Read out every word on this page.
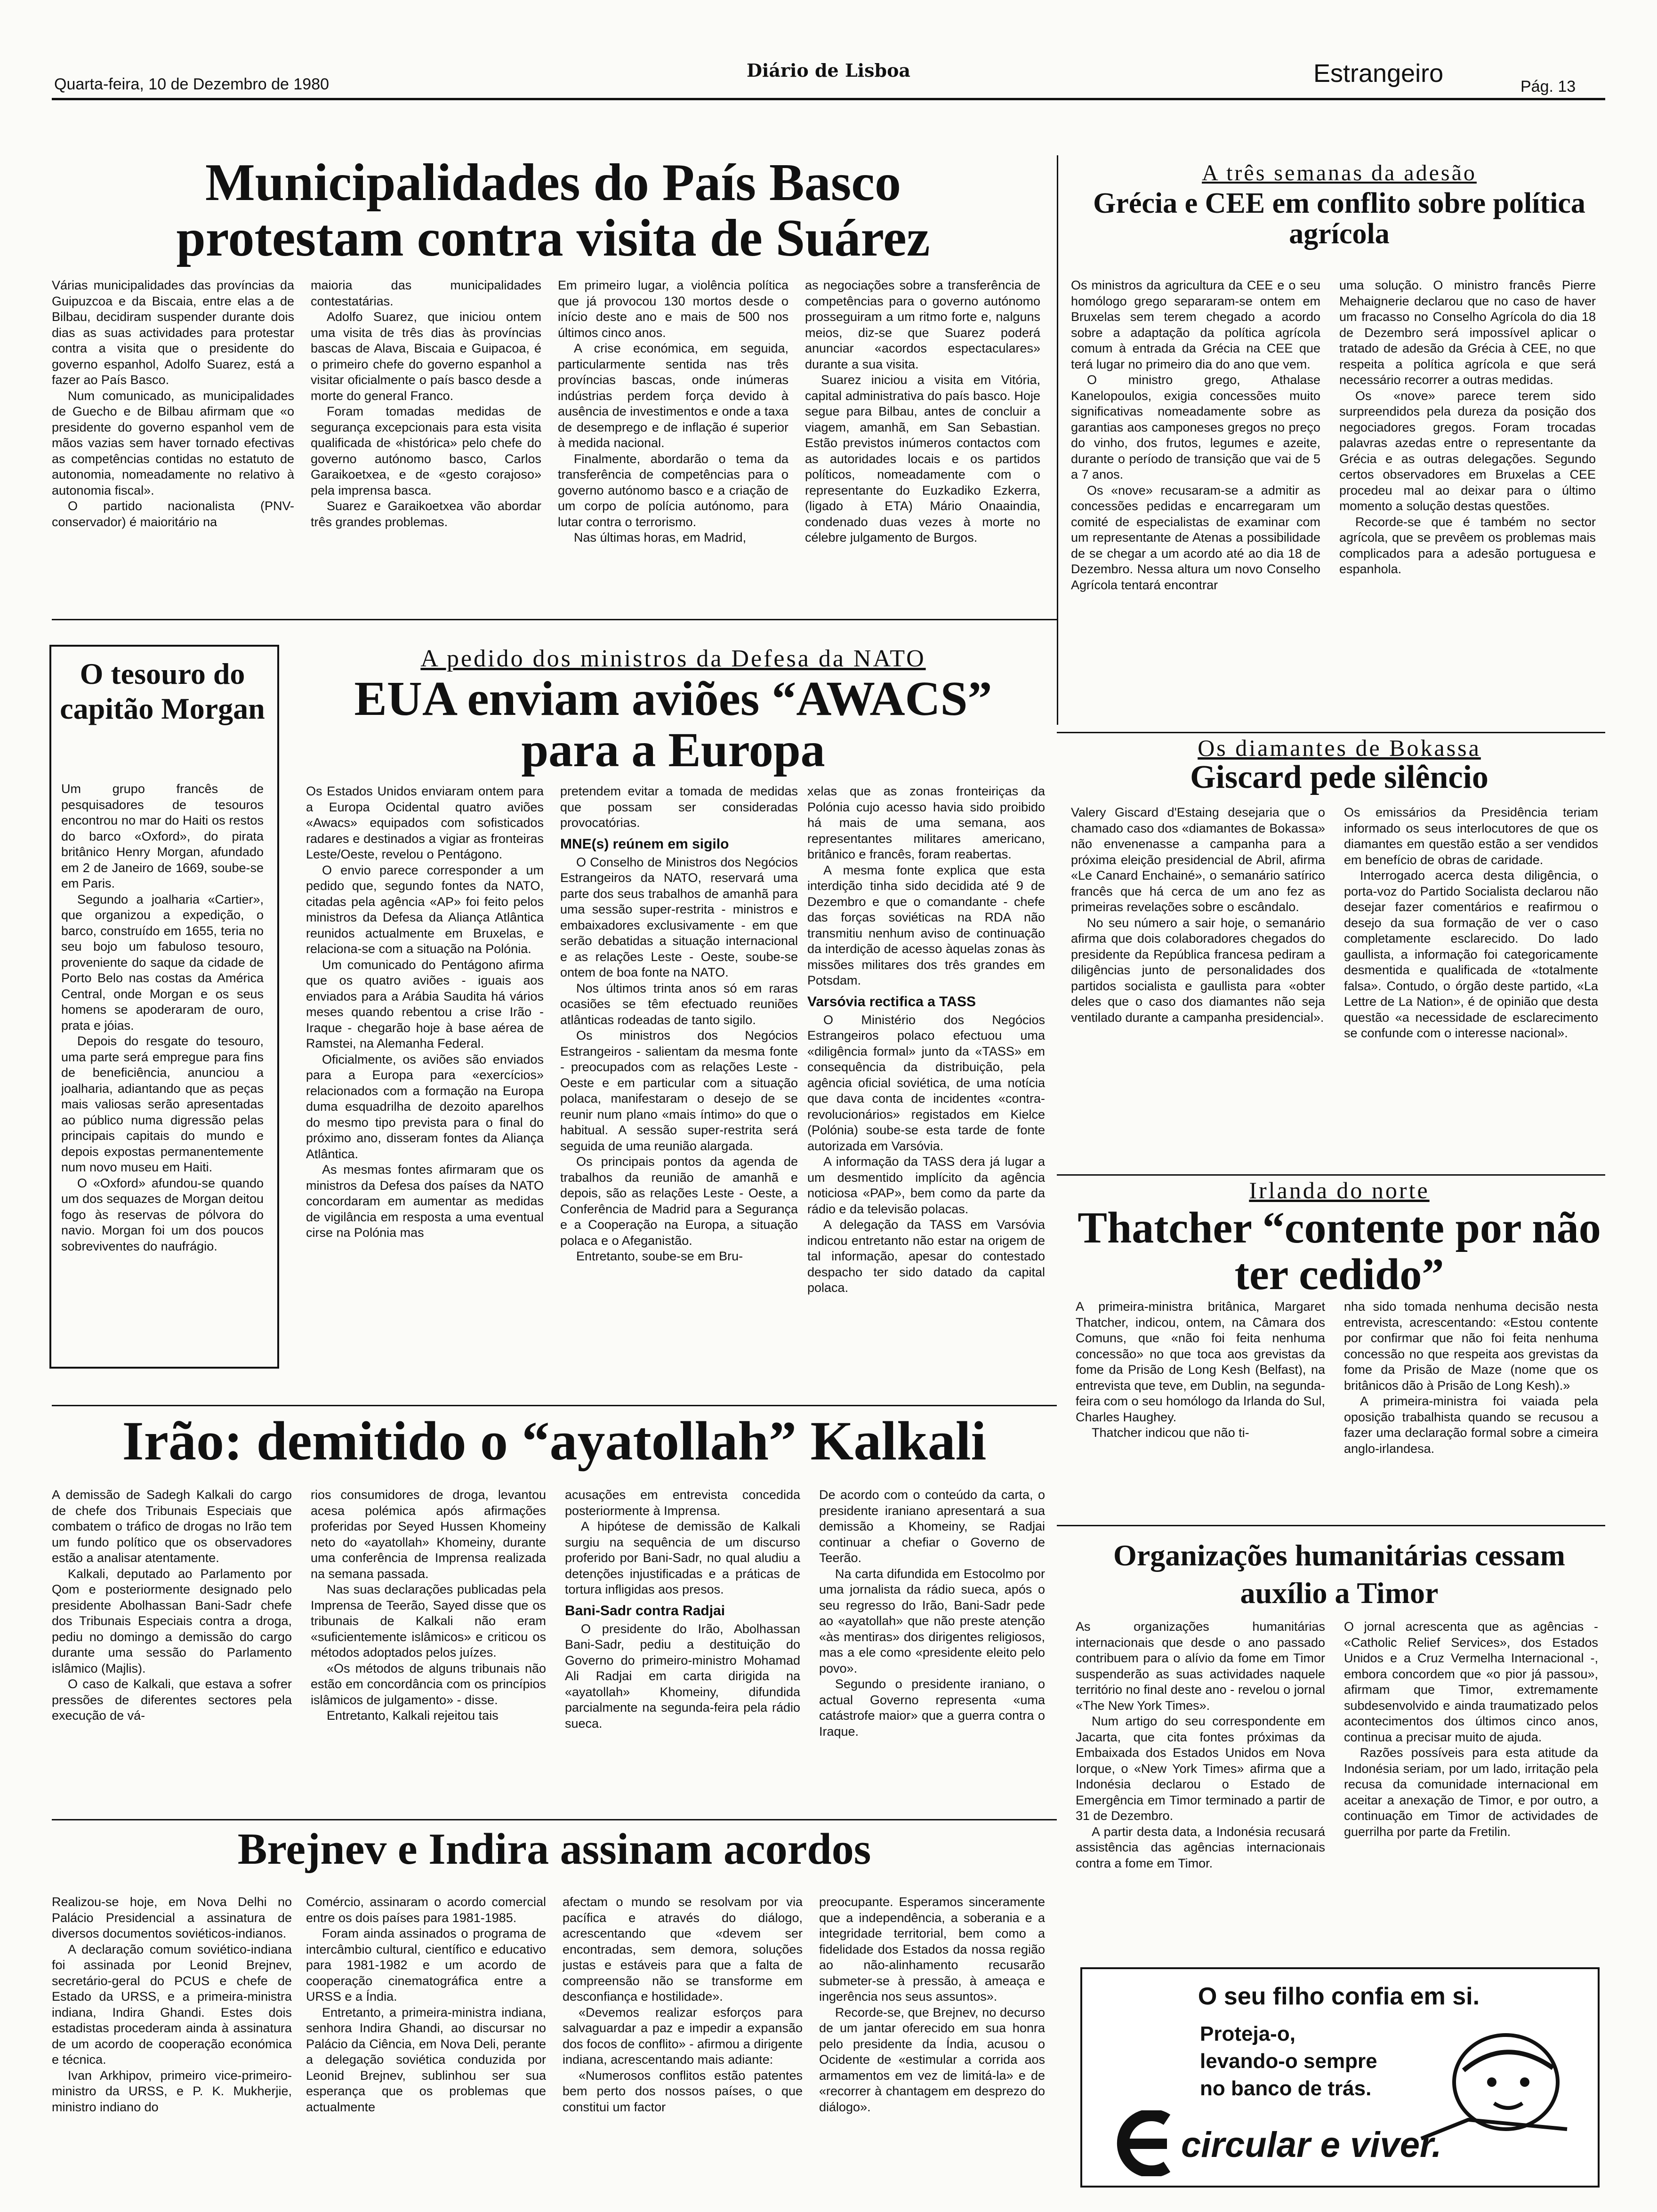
Quarta-feira, 10 de Dezembro de 1980
Diário de Lisboa	Estrangeiro	Pág. 13
Municipalidades do País Basco protestam contra visita de Suárez

Várias municipalidades das províncias da Guipuzcoa e da Biscaia, entre elas a de Bilbau, decidiram suspender durante dois dias as suas actividades para protestar contra a visita que o presidente do governo espanhol, Adolfo Suarez, está a fazer ao País Basco.

Num comunicado, as municipalidades de Guecho e de Bilbau afirmam que «o presidente do governo espanhol vem de mãos vazias sem haver tornado efectivas as competências contidas no estatuto de autonomia, nomeadamente no relativo à autonomia fiscal».

O partido nacionalista (PNV-conservador) é maioritário na

maioria das municipalidades contestatárias.

Adolfo Suarez, que iniciou ontem uma visita de três dias às províncias bascas de Alava, Biscaia e Guipacoa, é o primeiro chefe do governo espanhol a visitar oficialmente o país basco desde a morte do general Franco.

Foram tomadas medidas de segurança excepcionais para esta visita qualificada de «histórica» pelo chefe do governo autónomo basco, Carlos Garaikoetxea, e de «gesto corajoso» pela imprensa basca.

Suarez e Garaikoetxea vão abordar três grandes problemas.

Em primeiro lugar, a violência política que já provocou 130 mortos desde o início deste ano e mais de 500 nos últimos cinco anos.

A crise económica, em seguida, particularmente sentida nas três províncias bascas, onde inúmeras indústrias perdem força devido à ausência de investimentos e onde a taxa de desemprego e de inflação é superior à medida nacional.

Finalmente, abordarão o tema da transferência de competências para o governo autónomo basco e a criação de um corpo de polícia autónomo, para lutar contra o terrorismo.

Nas últimas horas, em Madrid,

as negociações sobre a transferência de competências para o governo autónomo prosseguiram a um ritmo forte e, nalguns meios, diz-se que Suarez poderá anunciar «acordos espectaculares» durante a sua visita.

Suarez iniciou a visita em Vitória, capital administrativa do país basco. Hoje segue para Bilbau, antes de concluir a viagem, amanhã, em San Sebastian. Estão previstos inúmeros contactos com as autoridades locais e os partidos políticos, nomeadamente com o representante do Euzkadiko Ezkerra, (ligado à ETA) Mário Onaaindia, condenado duas vezes à morte no célebre julgamento de Burgos.

A três semanas da adesão
Grécia e CEE em conflito sobre política agrícola

Os ministros da agricultura da CEE e o seu homólogo grego separaram-se ontem em Bruxelas sem terem chegado a acordo sobre a adaptação da política agrícola comum à entrada da Grécia na CEE que terá lugar no primeiro dia do ano que vem.

O ministro grego, Athalase Kanelopoulos, exigia concessões muito significativas nomeadamente sobre as garantias aos camponeses gregos no preço do vinho, dos frutos, legumes e azeite, durante o período de transição que vai de 5 a 7 anos.

Os «nove» recusaram-se a admitir as concessões pedidas e encarregaram um comité de especialistas de examinar com um representante de Atenas a possibilidade de se chegar a um acordo até ao dia 18 de Dezembro. Nessa altura um novo Conselho Agrícola tentará encontrar

uma solução. O ministro francês Pierre Mehaignerie declarou que no caso de haver um fracasso no Conselho Agrícola do dia 18 de Dezembro será impossível aplicar o tratado de adesão da Grécia à CEE, no que respeita a política agrícola e que será necessário recorrer a outras medidas.

Os «nove» parece terem sido surpreendidos pela dureza da posição dos negociadores gregos. Foram trocadas palavras azedas entre o representante da Grécia e as outras delegações. Segundo certos observadores em Bruxelas a CEE procedeu mal ao deixar para o último momento a solução destas questões.

Recorde-se que é também no sector agrícola, que se prevêem os problemas mais complicados para a adesão portuguesa e espanhola.

O tesouro do capitão Morgan

Um grupo francês de pesquisadores de tesouros encontrou no mar do Haiti os restos do barco «Oxford», do pirata britânico Henry Morgan, afundado em 2 de Janeiro de 1669, soube-se em Paris.

Segundo a joalharia «Cartier», que organizou a expedição, o barco, construído em 1655, teria no seu bojo um fabuloso tesouro, proveniente do saque da cidade de Porto Belo nas costas da América Central, onde Morgan e os seus homens se apoderaram de ouro, prata e jóias.

Depois do resgate do tesouro, uma parte será empregue para fins de beneficiência, anunciou a joalharia, adiantando que as peças mais valiosas serão apresentadas ao público numa digressão pelas principais capitais do mundo e depois expostas permanentemente num novo museu em Haiti.

O «Oxford» afundou-se quando um dos sequazes de Morgan deitou fogo às reservas de pólvora do navio. Morgan foi um dos poucos sobreviventes do naufrágio.

A pedido dos ministros da Defesa da NATO
EUA enviam aviões “AWACS” para a Europa

Os Estados Unidos enviaram ontem para a Europa Ocidental quatro aviões «Awacs» equipados com sofisticados radares e destinados a vigiar as fronteiras Leste/Oeste, revelou o Pentágono.

O envio parece corresponder a um pedido que, segundo fontes da NATO, citadas pela agência «AP» foi feito pelos ministros da Defesa da Aliança Atlântica reunidos actualmente em Bruxelas, e relaciona-se com a situação na Polónia.

Um comunicado do Pentágono afirma que os quatro aviões - iguais aos enviados para a Arábia Saudita há vários meses quando rebentou a crise Irão - Iraque - chegarão hoje à base aérea de Ramstei, na Alemanha Federal.

Oficialmente, os aviões são enviados para a Europa para «exercícios» relacionados com a formação na Europa duma esquadrilha de dezoito aparelhos do mesmo tipo prevista para o final do próximo ano, disseram fontes da Aliança Atlântica.

As mesmas fontes afirmaram que os ministros da Defesa dos países da NATO concordaram em aumentar as medidas de vigilância em resposta a uma eventual cirse na Polónia mas

pretendem evitar a tomada de medidas que possam ser consideradas provocatórias.

MNE(s) reúnem em sigilo

O Conselho de Ministros dos Negócios Estrangeiros da NATO, reservará uma parte dos seus trabalhos de amanhã para uma sessão super-restrita - ministros e embaixadores exclusivamente - em que serão debatidas a situação internacional e as relações Leste - Oeste, soube-se ontem de boa fonte na NATO.

Nos últimos trinta anos só em raras ocasiões se têm efectuado reuniões atlânticas rodeadas de tanto sigilo.

Os ministros dos Negócios Estrangeiros - salientam da mesma fonte - preocupados com as relações Leste - Oeste e em particular com a situação polaca, manifestaram o desejo de se reunir num plano «mais íntimo» do que o habitual. A sessão super-restrita será seguida de uma reunião alargada.

Os principais pontos da agenda de trabalhos da reunião de amanhã e depois, são as relações Leste - Oeste, a Conferência de Madrid para a Segurança e a Cooperação na Europa, a situação polaca e o Afeganistão.

Entretanto, soube-se em Bru-

xelas que as zonas fronteiriças da Polónia cujo acesso havia sido proibido há mais de uma semana, aos representantes militares americano, britânico e francês, foram reabertas.

A mesma fonte explica que esta interdição tinha sido decidida até 9 de Dezembro e que o comandante - chefe das forças soviéticas na RDA não transmitiu nenhum aviso de continuação da interdição de acesso àquelas zonas às missões militares dos três grandes em Potsdam.

Varsóvia rectifica a TASS

O Ministério dos Negócios Estrangeiros polaco efectuou uma «diligência formal» junto da «TASS» em consequência da distribuição, pela agência oficial soviética, de uma notícia que dava conta de incidentes «contra-revolucionários» registados em Kielce (Polónia) soube-se esta tarde de fonte autorizada em Varsóvia.

A informação da TASS dera já lugar a um desmentido implícito da agência noticiosa «PAP», bem como da parte da rádio e da televisão polacas.

A delegação da TASS em Varsóvia indicou entretanto não estar na origem de tal informação, apesar do contestado despacho ter sido datado da capital polaca.

Os diamantes de Bokassa
Giscard pede silêncio

Valery Giscard d'Estaing desejaria que o chamado caso dos «diamantes de Bokassa» não envenenasse a campanha para a próxima eleição presidencial de Abril, afirma «Le Canard Enchainé», o semanário satírico francês que há cerca de um ano fez as primeiras revelações sobre o escândalo.

No seu número a sair hoje, o semanário afirma que dois colaboradores chegados do presidente da República francesa pediram a diligências junto de personalidades dos partidos socialista e gaullista para «obter deles que o caso dos diamantes não seja ventilado durante a campanha presidencial».

Os emissários da Presidência teriam informado os seus interlocutores de que os diamantes em questão estão a ser vendidos em benefício de obras de caridade.

Interrogado acerca desta diligência, o porta-voz do Partido Socialista declarou não desejar fazer comentários e reafirmou o desejo da sua formação de ver o caso completamente esclarecido. Do lado gaullista, a informação foi categoricamente desmentida e qualificada de «totalmente falsa». Contudo, o órgão deste partido, «La Lettre de La Nation», é de opinião que desta questão «a necessidade de esclarecimento se confunde com o interesse nacional».

Irlanda do norte
Thatcher “contente por não ter cedido”

A primeira-ministra britânica, Margaret Thatcher, indicou, ontem, na Câmara dos Comuns, que «não foi feita nenhuma concessão» no que toca aos grevistas da fome da Prisão de Long Kesh (Belfast), na entrevista que teve, em Dublin, na segunda-feira com o seu homólogo da Irlanda do Sul, Charles Haughey.

Thatcher indicou que não ti-

nha sido tomada nenhuma decisão nesta entrevista, acrescentando: «Estou contente por confirmar que não foi feita nenhuma concessão no que respeita aos grevistas da fome da Prisão de Maze (nome que os britânicos dão à Prisão de Long Kesh).»

A primeira-ministra foi vaiada pela oposição trabalhista quando se recusou a fazer uma declaração formal sobre a cimeira anglo-irlandesa.

Irão: demitido o “ayatollah” Kalkali

A demissão de Sadegh Kalkali do cargo de chefe dos Tribunais Especiais que combatem o tráfico de drogas no Irão tem um fundo político que os observadores estão a analisar atentamente.

Kalkali, deputado ao Parlamento por Qom e posteriormente designado pelo presidente Abolhassan Bani-Sadr chefe dos Tribunais Especiais contra a droga, pediu no domingo a demissão do cargo durante uma sessão do Parlamento islâmico (Majlis).

O caso de Kalkali, que estava a sofrer pressões de diferentes sectores pela execução de vá-

rios consumidores de droga, levantou acesa polémica após afirmações proferidas por Seyed Hussen Khomeiny neto do «ayatollah» Khomeiny, durante uma conferência de Imprensa realizada na semana passada.

Nas suas declarações publicadas pela Imprensa de Teerão, Sayed disse que os tribunais de Kalkali não eram «suficientemente islâmicos» e criticou os métodos adoptados pelos juízes.

«Os métodos de alguns tribunais não estão em concordância com os princípios islâmicos de julgamento» - disse.

Entretanto, Kalkali rejeitou tais

acusações em entrevista concedida posteriormente à Imprensa.

A hipótese de demissão de Kalkali surgiu na sequência de um discurso proferido por Bani-Sadr, no qual aludiu a detenções injustificadas e a práticas de tortura infligidas aos presos.

Bani-Sadr contra Radjai

O presidente do Irão, Abolhassan Bani-Sadr, pediu a destituição do Governo do primeiro-ministro Mohamad Ali Radjai em carta dirigida na «ayatollah» Khomeiny, difundida parcialmente na segunda-feira pela rádio sueca.

De acordo com o conteúdo da carta, o presidente iraniano apresentará a sua demissão a Khomeiny, se Radjai continuar a chefiar o Governo de Teerão.

Na carta difundida em Estocolmo por uma jornalista da rádio sueca, após o seu regresso do Irão, Bani-Sadr pede ao «ayatollah» que não preste atenção «às mentiras» dos dirigentes religiosos, mas a ele como «presidente eleito pelo povo».

Segundo o presidente iraniano, o actual Governo representa «uma catástrofe maior» que a guerra contra o Iraque.

Organizações humanitárias cessam auxílio a Timor

As organizações humanitárias internacionais que desde o ano passado contribuem para o alívio da fome em Timor suspenderão as suas actividades naquele território no final deste ano - revelou o jornal «The New York Times».

Num artigo do seu correspondente em Jacarta, que cita fontes próximas da Embaixada dos Estados Unidos em Nova Iorque, o «New York Times» afirma que a Indonésia declarou o Estado de Emergência em Timor terminado a partir de 31 de Dezembro.

A partir desta data, a Indonésia recusará assistência das agências internacionais contra a fome em Timor.

O jornal acrescenta que as agências - «Catholic Relief Services», dos Estados Unidos e a Cruz Vermelha Internacional -, embora concordem que «o pior já passou», afirmam que Timor, extremamente subdesenvolvido e ainda traumatizado pelos acontecimentos dos últimos cinco anos, continua a precisar muito de ajuda.

Razões possíveis para esta atitude da Indonésia seriam, por um lado, irritação pela recusa da comunidade internacional em aceitar a anexação de Timor, e por outro, a continuação em Timor de actividades de guerrilha por parte da Fretilin.

Brejnev e Indira assinam acordos

Realizou-se hoje, em Nova Delhi no Palácio Presidencial a assinatura de diversos documentos soviéticos-indianos.

A declaração comum soviético-indiana foi assinada por Leonid Brejnev, secretário-geral do PCUS e chefe de Estado da URSS, e a primeira-ministra indiana, Indira Ghandi. Estes dois estadistas procederam ainda à assinatura de um acordo de cooperação económica e técnica.

Ivan Arkhipov, primeiro vice-primeiro-ministro da URSS, e P. K. Mukherjie, ministro indiano do

Comércio, assinaram o acordo comercial entre os dois países para 1981-1985.

Foram ainda assinados o programa de intercâmbio cultural, científico e educativo para 1981-1982 e um acordo de cooperação cinematográfica entre a URSS e a Índia.

Entretanto, a primeira-ministra indiana, senhora Indira Ghandi, ao discursar no Palácio da Ciência, em Nova Deli, perante a delegação soviética conduzida por Leonid Brejnev, sublinhou ser sua esperança que os problemas que actualmente

afectam o mundo se resolvam por via pacífica e através do diálogo, acrescentando que «devem ser encontradas, sem demora, soluções justas e estáveis para que a falta de compreensão não se transforme em desconfiança e hostilidade».

«Devemos realizar esforços para salvaguardar a paz e impedir a expansão dos focos de conflito» - afirmou a dirigente indiana, acrescentando mais adiante:

«Numerosos conflitos estão patentes bem perto dos nossos países, o que constitui um factor

preocupante. Esperamos sinceramente que a independência, a soberania e a integridade territorial, bem como a fidelidade dos Estados da nossa região ao não-alinhamento recusarão submeter-se à pressão, à ameaça e ingerência nos seus assuntos».

Recorde-se, que Brejnev, no decurso de um jantar oferecido em sua honra pelo presidente da Índia, acusou o Ocidente de «estimular a corrida aos armamentos em vez de limitá-la» e de «recorrer à chantagem em desprezo do diálogo».

O seu filho confia em si.
Proteja-o,
levando-o sempre
no banco de trás.
circular e viver.
